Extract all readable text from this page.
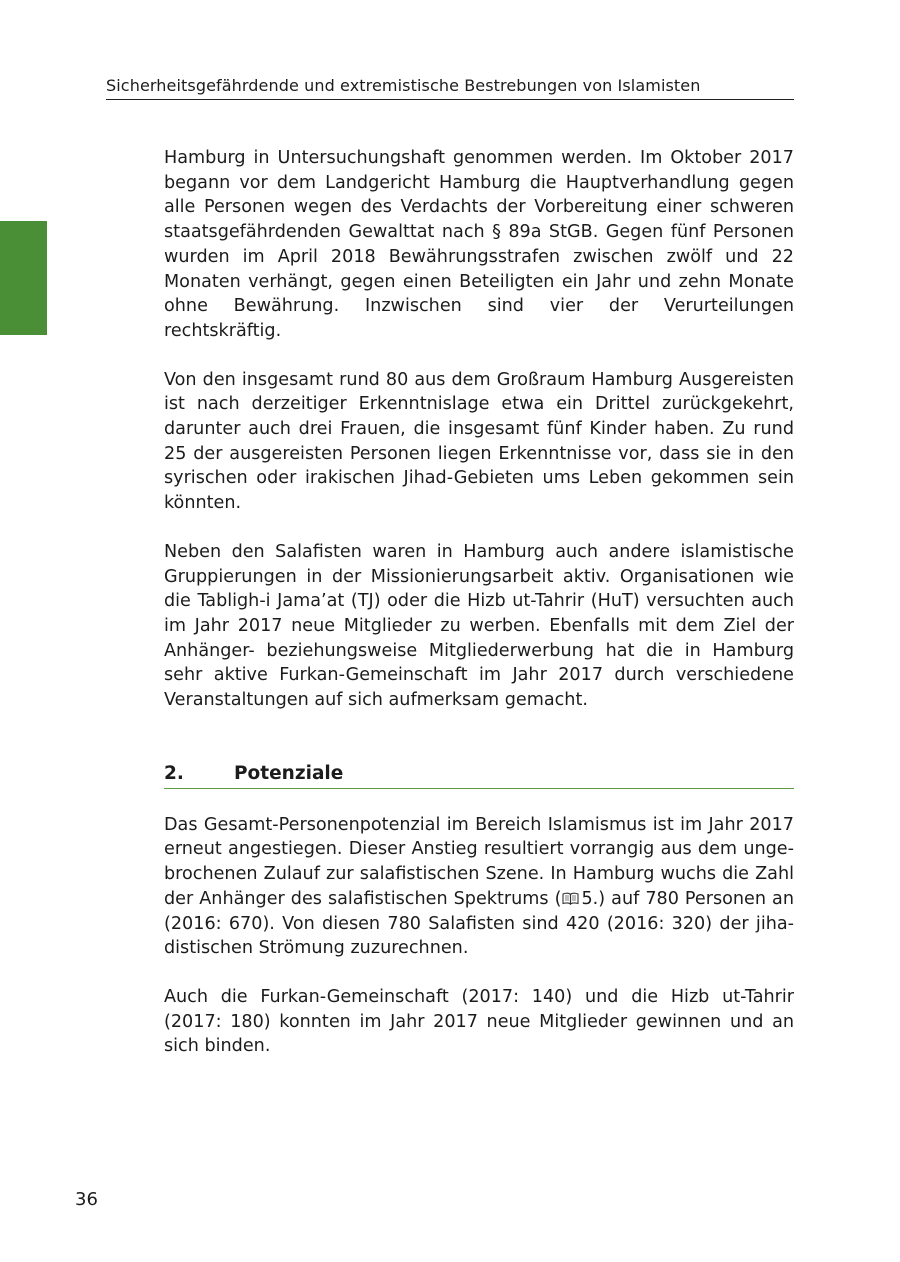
Sicherheitsgefährdende und extremistische Bestrebungen von Islamisten

Hamburg in Untersuchungshaft genommen werden. Im Oktober 2017 begann vor dem Landgericht Hamburg die Hauptverhandlung gegen alle Personen wegen des Verdachts der Vorbereitung einer schweren staatsgefährdenden Gewalttat nach § 89a StGB. Gegen fünf Personen wurden im April 2018 Bewährungsstrafen zwischen zwölf und 22 Monaten verhängt, gegen einen Beteiligten ein Jahr und zehn Monate ohne Bewährung. Inzwischen sind vier der Verurteilungen rechtskräftig.

Von den insgesamt rund 80 aus dem Großraum Hamburg Ausgereisten ist nach derzeitiger Erkenntnislage etwa ein Drittel zurückgekehrt, darunter auch drei Frauen, die insgesamt fünf Kinder haben. Zu rund 25 der ausgereisten Personen liegen Erkenntnisse vor, dass sie in den syrischen oder irakischen Jihad-Gebieten ums Leben gekommen sein könnten.

Neben den Salafisten waren in Hamburg auch andere islamistische Gruppierungen in der Missionierungsarbeit aktiv. Organisationen wie die Tabligh-i Jama’at (TJ) oder die Hizb ut-Tahrir (HuT) versuchten auch im Jahr 2017 neue Mitglieder zu werben. Ebenfalls mit dem Ziel der Anhänger- beziehungsweise Mitgliederwerbung hat die in Hamburg sehr aktive Furkan-Gemeinschaft im Jahr 2017 durch verschiedene Veranstaltungen auf sich aufmerksam gemacht.

2.	Potenziale

Das Gesamt-Personenpotenzial im Bereich Islamismus ist im Jahr 2017 erneut angestiegen. Dieser Anstieg resultiert vorrangig aus dem ungebrochenen Zulauf zur salafistischen Szene. In Hamburg wuchs die Zahl der Anhänger des salafistischen Spektrums ( 5.) auf 780 Personen an (2016: 670). Von diesen 780 Salafisten sind 420 (2016: 320) der jihadistischen Strömung zuzurechnen.

Auch die Furkan-Gemeinschaft (2017: 140) und die Hizb ut-Tahrir (2017: 180) konnten im Jahr 2017 neue Mitglieder gewinnen und an sich binden.

36
